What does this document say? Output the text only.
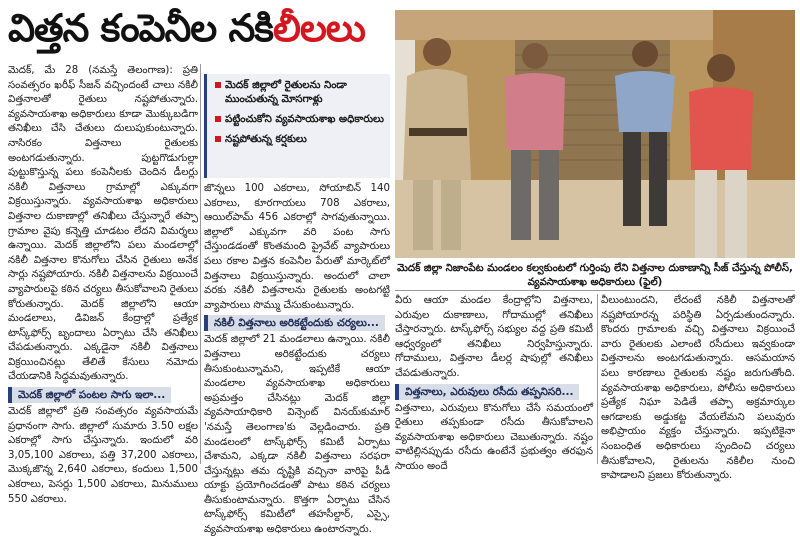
విత్తన కంపెనీల నకిలీలలు

మెదక్‌, మే 28 (నమస్తే తెలంగాణ): ప్రతి సంవత్సరం ఖరీఫ్‌ సీజన్‌ వచ్చిందంటే చాలు నకిలీ విత్తనాలతో రైతులు నష్టపోతున్నారు. వ్యవసాయశాఖ అధికారులు కూడా మొక్కుబడిగా తనిఖీలు చేసి చేతులు దులుపుకుంటున్నారు. నాసిరకం విత్తనాలు రైతులకు అంటగడుతున్నారు. పుట్టగొడుగుల్లా పుట్టుకొస్తున్న పలు కంపెనీలకు చెందిన డీలర్లు నకిలీ విత్తనాలు గ్రామాల్లో ఎక్కువగా విక్రయిస్తున్నారు. వ్యవసాయశాఖ అధికారులు విత్తనాల దుకాణాల్లో తనిఖీలు చేస్తున్నారే తప్పా గ్రామాల వైపు కన్నెత్తి చూడటం లేదని విమర్శలు ఉన్నాయి. మెదక్‌ జిల్లాలోని పలు మండలాల్లో నకిలీ విత్తనాల కొనుగోలు చేసిన రైతులు అనేక సార్లు నష్టపోయారు. నకిలీ విత్తనాలను విక్రయించే వ్యాపారులపై కఠిన చర్యలు తీసుకోవాలని రైతులు కోరుతున్నారు. మెదక్‌ జిల్లాలోని ఆయా మండలాలు, డివిజన్‌ కేంద్రాల్లో ప్రత్యేక టాస్క్‌ఫోర్స్‌ బృందాలు ఏర్పాటు చేసి తనిఖీలు చేపడుతున్నారు. ఎక్కడైనా నకిలీ విత్తనాలు విక్రయించినట్లు తేలితే కేసులు నమోదు చేయడానికి సిద్ధమవుతున్నారు.

మెదక్‌ జిల్లాలో పంటల సాగు ఇలా...

మెదక్‌ జిల్లాలో ప్రతి సంవత్సరం వ్యవసాయమే ప్రధానంగా సాగు. జిల్లాలో సుమారు 3.50 లక్షల ఎకరాల్లో సాగు చేస్తున్నారు. ఇందులో వరి 3,05,100 ఎకరాలు, పత్తి 37,200 ఎకరాలు, మొక్కజొన్న 2,640 ఎకరాలు, కందులు 1,500 ఎకరాలు, పెసర్లు 1,500 ఎకరాలు, మినుములు 550 ఎకరాలు.

మెదక్‌ జిల్లాలో రైతులను నిండా ముంచుతున్న మోసగాళ్లు
పట్టించుకోని వ్యవసాయశాఖ అధికారులు
నష్టపోతున్న కర్షకులు

జొన్నలు 100 ఎకరాలు, సోయాబిన్‌ 140 ఎకరాలు, కూరగాయలు 708 ఎకరాలు, ఆయిల్‌పామ్‌ 456 ఎకరాల్లో సాగవుతున్నాయి. జిల్లాలో ఎక్కువగా వరి పంట సాగు చేస్తుండడంతో కొంతమంది ప్రైవేట్‌ వ్యాపారులు పలు రకాల విత్తన కంపెనీల పేరుతో మార్కెట్‌లో విత్తనాలు విక్రయిస్తున్నారు. అందులో చాలా వరకు నకిలీ విత్తనాలను రైతులకు అంటగట్టి వ్యాపారులు సొమ్ము చేసుకుంటున్నారు.

నకిలీ విత్తనాలు అరికట్టేందుకు చర్యలు...

మెదక్‌ జిల్లాలో 21 మండలాలు ఉన్నాయి. నకిలీ విత్తనాలు అరికట్టేందుకు చర్యలు తీసుకుంటున్నామని, ఇప్పటికే ఆయా మండలాల వ్యవసాయశాఖ అధికారులు అప్రమత్తం చేసినట్లు మెదక్‌ జిల్లా వ్యవసాయాధికారి విన్సెంట్‌ వినయ్‌కుమార్‌ 'నమస్తే తెలంగాణ'కు వెల్లడించారు. ప్రతి మండలంలో టాస్క్‌ఫోర్స్‌ కమిటీ ఏర్పాటు చేశామని, ఎక్కడా నకిలీ విత్తనాలు సరఫరా చేస్తున్నట్లు తమ దృష్టికి వచ్చినా వారిపై పీడీ యాక్టు ప్రయోగించడంతో పాటు కఠిన చర్యలు తీసుకుంటామన్నారు. కొత్తగా ఏర్పాటు చేసిన టాస్క్‌ఫోర్స్‌ కమిటీలో తహసీల్దార్‌, ఎస్సై, వ్యవసాయశాఖ అధికారులు ఉంటారన్నారు.

మెదక్‌ జిల్లా నిజాంపేట మండలం కల్వకుంటలో గుర్తింపు లేని విత్తనాల దుకాణాన్ని సీజ్‌ చేస్తున్న పోలీస్‌, వ్యవసాయశాఖ అధికారులు (ఫైల్‌)

వీరు ఆయా మండల కేంద్రాల్లోని విత్తనాలు, ఎరువుల దుకాణాలు, గోదాముల్లో తనిఖీలు చేస్తారన్నారు. టాస్క్‌ఫోర్స్‌ సభ్యుల వద్ద ప్రతి కమిటీ ఆధ్వర్యంలో తనిఖీలు నిర్వహిస్తున్నారు. గోదాములు, విత్తనాల డీలర్ల షాపుల్లో తనిఖీలు చేపడుతున్నారు.

విత్తనాలు, ఎరువులు రసీదు తప్పనిసరి...

విత్తనాలు, ఎరువులు కొనుగోలు చేసే సమయంలో రైతులు తప్పకుండా రసీదు తీసుకోవాలని వ్యవసాయశాఖ అధికారులు చెబుతున్నారు. నష్టం వాటిల్లినప్పుడు రసీదు ఉంటేనే ప్రభుత్వం తరఫున సాయం అందే

వీలుంటుందని, లేదంటే నకిలీ విత్తనాలతో నష్టపోయారన్న పరిస్థితి ఏర్పడుతుందన్నారు. కొందరు గ్రామాలకు వచ్చి విత్తనాలు విక్రయించే వారు రైతులకు ఎలాంటి రసీదులు ఇవ్వకుండా విత్తనాలను అంటగడుతున్నారు. ఆసమయాన పలు కారణాలు రైతులకు నష్టం జరుగుతోంది. వ్యవసాయశాఖ అధికారులు, పోలీసు అధికారులు ప్రత్యేక నిఘా పెడితే తప్పా అక్రమార్కుల ఆగడాలకు అడ్డుకట్ట వేయలేమని పలువురు అభిప్రాయం వ్యక్తం చేస్తున్నారు. ఇప్పటికైనా సంబంధిత అధికారులు స్పందించి చర్యలు తీసుకోవాలని, రైతులను నకిలీల నుంచి కాపాడాలని ప్రజలు కోరుతున్నారు.
